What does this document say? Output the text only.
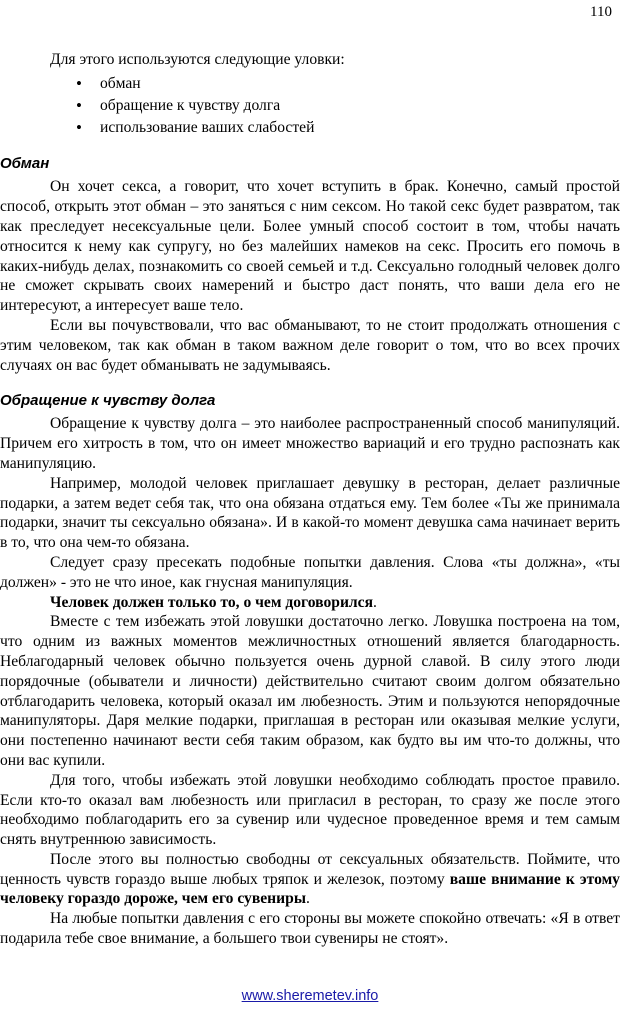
110

Для этого используются следующие уловки:

• обман
• обращение к чувству долга
• использование ваших слабостей
Обман

Он хочет секса, а говорит, что хочет вступить в брак. Конечно, самый простой способ, открыть этот обман – это заняться с ним сексом. Но такой секс будет развратом, так как преследует несексуальные цели. Более умный способ состоит в том, чтобы начать относится к нему как супругу, но без малейших намеков на секс. Просить его помочь в каких-нибудь делах, познакомить со своей семьей и т.д. Сексуально голодный человек долго не сможет скрывать своих намерений и быстро даст понять, что ваши дела его не интересуют, а интересует ваше тело.

Если вы почувствовали, что вас обманывают, то не стоит продолжать отношения с этим человеком, так как обман в таком важном деле говорит о том, что во всех прочих случаях он вас будет обманывать не задумываясь.

Обращение к чувству долга

Обращение к чувству долга – это наиболее распространенный способ манипуляций. Причем его хитрость в том, что он имеет множество вариаций и его трудно распознать как манипуляцию.

Например, молодой человек приглашает девушку в ресторан, делает различные подарки, а затем ведет себя так, что она обязана отдаться ему. Тем более «Ты же принимала подарки, значит ты сексуально обязана». И в какой-то момент девушка сама начинает верить в то, что она чем-то обязана.

Следует сразу пресекать подобные попытки давления. Слова «ты должна», «ты должен» - это не что иное, как гнусная манипуляция.

Человек должен только то, о чем договорился.

Вместе с тем избежать этой ловушки достаточно легко. Ловушка построена на том, что одним из важных моментов межличностных отношений является благодарность. Неблагодарный человек обычно пользуется очень дурной славой. В силу этого люди порядочные (обыватели и личности) действительно считают своим долгом обязательно отблагодарить человека, который оказал им любезность. Этим и пользуются непорядочные манипуляторы. Даря мелкие подарки, приглашая в ресторан или оказывая мелкие услуги, они постепенно начинают вести себя таким образом, как будто вы им что-то должны, что они вас купили.

Для того, чтобы избежать этой ловушки необходимо соблюдать простое правило. Если кто-то оказал вам любезность или пригласил в ресторан, то сразу же после этого необходимо поблагодарить его за сувенир или чудесное проведенное время и тем самым снять внутреннюю зависимость.

После этого вы полностью свободны от сексуальных обязательств. Поймите, что ценность чувств гораздо выше любых тряпок и железок, поэтому ваше внимание к этому человеку гораздо дороже, чем его сувениры.

На любые попытки давления с его стороны вы можете спокойно отвечать: «Я в ответ подарила тебе свое внимание, а большего твои сувениры не стоят».

www.sheremetev.info
